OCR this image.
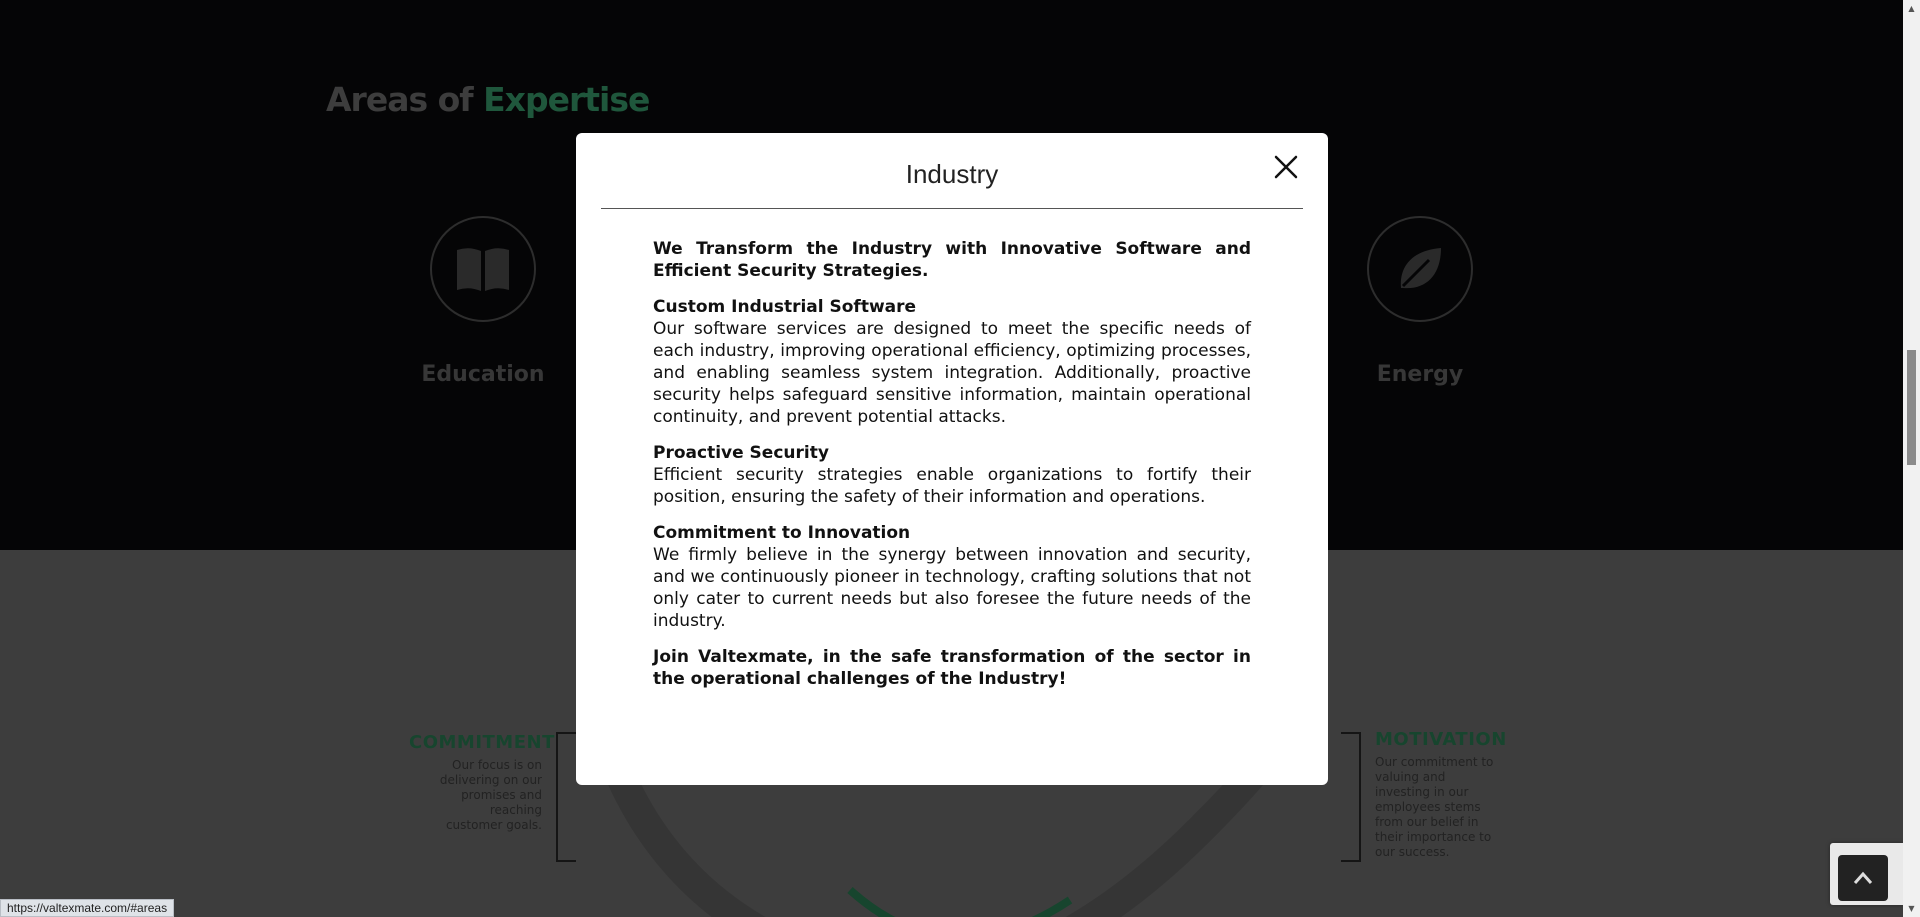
Industry
We Transform the Industry with Innovative Software and Efficient Security Strategies.
Custom Industrial Software
Our software services are designed to meet the specific needs of each industry, improving operational efficiency, optimizing processes, and enabling seamless system integration. Additionally, proactive security helps safeguard sensitive information, maintain operational continuity, and prevent potential attacks.
Proactive Security
Efficient security strategies enable organizations to fortify their position, ensuring the safety of their information and operations.
Commitment to Innovation
We firmly believe in the synergy between innovation and security, and we continuously pioneer in technology, crafting solutions that not only cater to current needs but also foresee the future needs of the industry.
Join Valtexmate, in the safe transformation of the sector in the operational challenges of the Industry!
https://valtexmate.com/#areas
▲
▼
